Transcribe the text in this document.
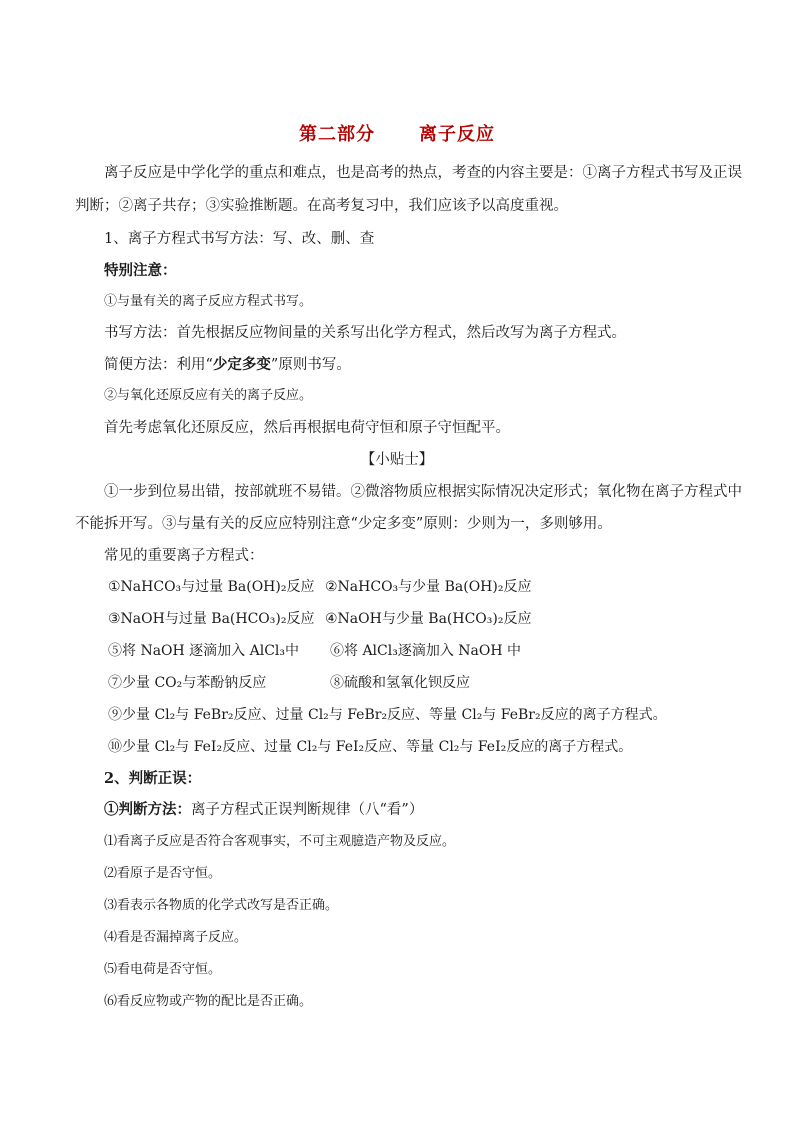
第二部分 离子反应
离子反应是中学化学的重点和难点，也是高考的热点，考查的内容主要是：①离子方程式书写及正误
判断；②离子共存；③实验推断题。在高考复习中，我们应该予以高度重视。
1、离子方程式书写方法：写、改、删、查
特别注意：
①与量有关的离子反应方程式书写。
书写方法：首先根据反应物间量的关系写出化学方程式，然后改写为离子方程式。
简便方法：利用“少定多变”原则书写。
②与氧化还原反应有关的离子反应。
首先考虑氧化还原反应，然后再根据电荷守恒和原子守恒配平。
【小贴士】
①一步到位易出错，按部就班不易错。②微溶物质应根据实际情况决定形式；氧化物在离子方程式中
不能拆开写。③与量有关的反应应特别注意“少定多变”原则：少则为一，多则够用。
常见的重要离子方程式：
①NaHCO₃与过量 Ba(OH)₂反应 ②NaHCO₃与少量 Ba(OH)₂反应
③NaOH与过量 Ba(HCO₃)₂反应 ④NaOH与少量 Ba(HCO₃)₂反应
⑤将 NaOH 逐滴加入 AlCl₃中 ⑥将 AlCl₃逐滴加入 NaOH 中
⑦少量 CO₂与苯酚钠反应	⑧硫酸和氢氧化钡反应
⑨少量 Cl₂与 FeBr₂反应、过量 Cl₂与 FeBr₂反应、等量 Cl₂与 FeBr₂反应的离子方程式。
⑩少量 Cl₂与 FeI₂反应、过量 Cl₂与 FeI₂反应、等量 Cl₂与 FeI₂反应的离子方程式。
2、判断正误：
①判断方法：离子方程式正误判断规律（八“看”）
⑴看离子反应是否符合客观事实，不可主观臆造产物及反应。
⑵看原子是否守恒。
⑶看表示各物质的化学式改写是否正确。
⑷看是否漏掉离子反应。
⑸看电荷是否守恒。
⑹看反应物或产物的配比是否正确。
